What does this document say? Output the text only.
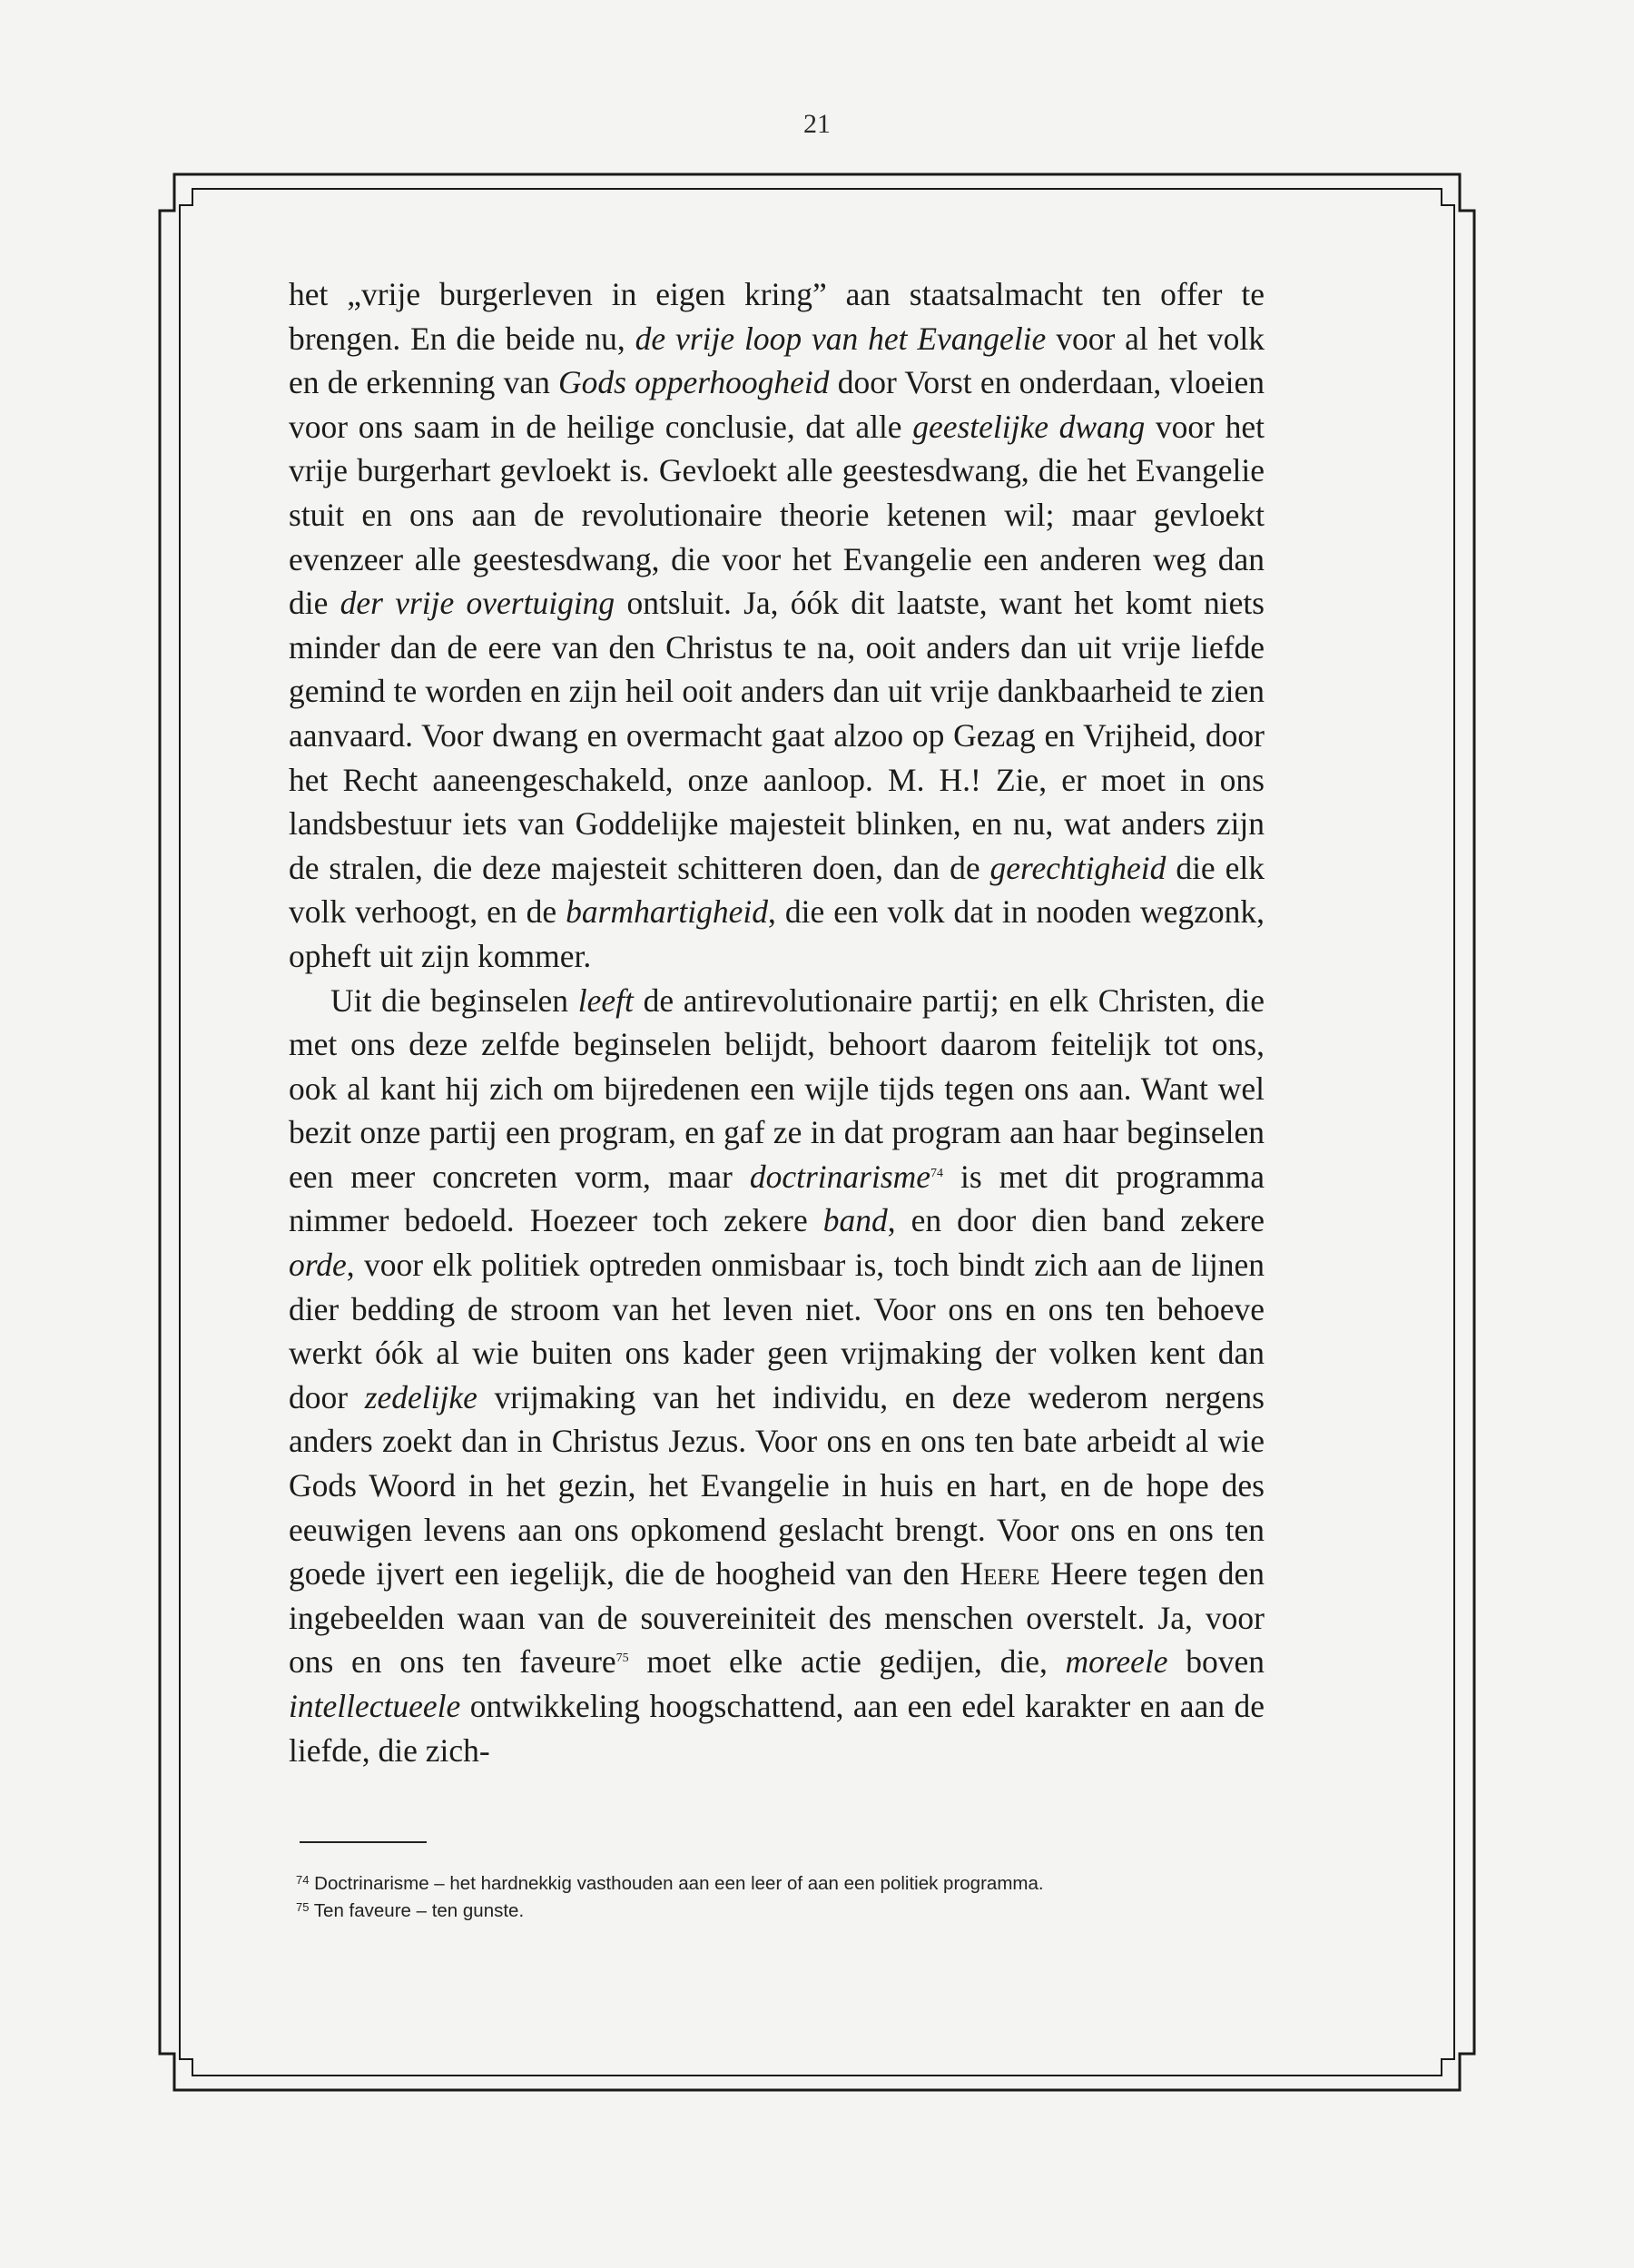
21

het „vrije burgerleven in eigen kring” aan staatsalmacht ten offer te brengen. En die beide nu, de vrije loop van het Evangelie voor al het volk en de erkenning van Gods opperhoogheid door Vorst en onderdaan, vloeien voor ons saam in de heilige conclusie, dat alle geestelijke dwang voor het vrije burgerhart gevloekt is. Gevloekt alle geestesdwang, die het Evangelie stuit en ons aan de revolutionaire theorie ketenen wil; maar gevloekt evenzeer alle geestesdwang, die voor het Evangelie een anderen weg dan die der vrije overtuiging ontsluit. Ja, óók dit laatste, want het komt niets minder dan de eere van den Christus te na, ooit anders dan uit vrije liefde gemind te worden en zijn heil ooit anders dan uit vrije dankbaarheid te zien aanvaard. Voor dwang en overmacht gaat alzoo op Gezag en Vrijheid, door het Recht aaneengeschakeld, onze aanloop. M. H.! Zie, er moet in ons landsbestuur iets van Goddelijke majesteit blinken, en nu, wat anders zijn de stralen, die deze majesteit schitteren doen, dan de gerechtigheid die elk volk verhoogt, en de barmhartigheid, die een volk dat in nooden wegzonk, opheft uit zijn kommer.

Uit die beginselen leeft de antirevolutionaire partij; en elk Christen, die met ons deze zelfde beginselen belijdt, behoort daarom feitelijk tot ons, ook al kant hij zich om bijredenen een wijle tijds tegen ons aan. Want wel bezit onze partij een program, en gaf ze in dat program aan haar beginselen een meer concreten vorm, maar doctrinarisme$^{74}$ is met dit programma nimmer bedoeld. Hoezeer toch zekere band, en door dien band zekere orde, voor elk politiek optreden onmisbaar is, toch bindt zich aan de lijnen dier bedding de stroom van het leven niet. Voor ons en ons ten behoeve werkt óók al wie buiten ons kader geen vrijmaking der volken kent dan door zedelijke vrijmaking van het individu, en deze wederom nergens anders zoekt dan in Christus Jezus. Voor ons en ons ten bate arbeidt al wie Gods Woord in het gezin, het Evangelie in huis en hart, en de hope des eeuwigen levens aan ons opkomend geslacht brengt. Voor ons en ons ten goede ijvert een iegelijk, die de hoogheid van den Heere Heere tegen den ingebeelden waan van de souvereiniteit des menschen overstelt. Ja, voor ons en ons ten faveure$^{75}$ moet elke actie gedijen, die, moreele boven intellectueele ontwikkeling hoogschattend, aan een edel karakter en aan de liefde, die zich-

$^{74}$ Doctrinarisme – het hardnekkig vasthouden aan een leer of aan een politiek programma.
$^{75}$ Ten faveure – ten gunste.
